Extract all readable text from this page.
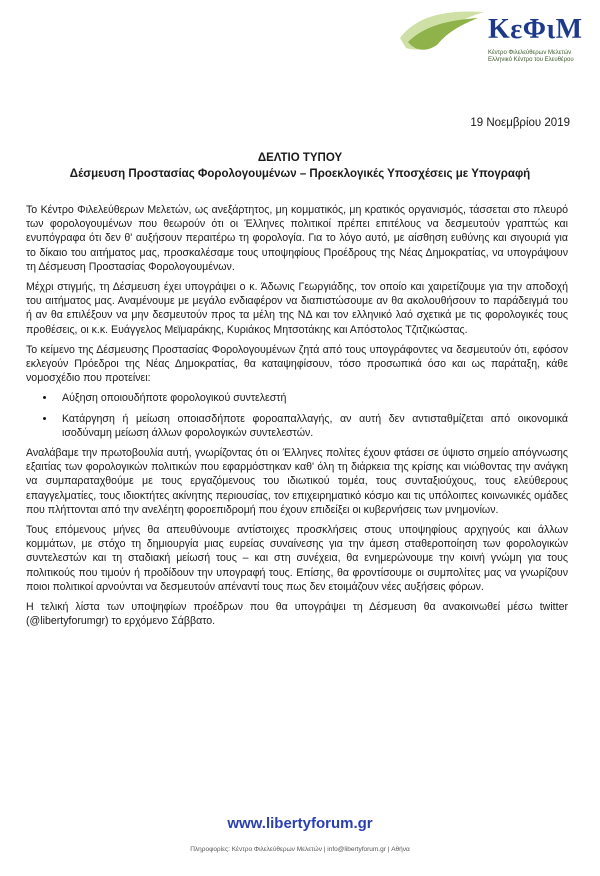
ΚεΦιΜ
Κέντρο Φιλελεύθερων Μελετών
Ελληνικό Κέντρο του Ελευθέρου
19 Νοεμβρίου 2019
ΔΕΛΤΙΟ ΤΥΠΟΥ
Δέσμευση Προστασίας Φορολογουμένων – Προεκλογικές Υποσχέσεις με Υπογραφή

Το Κέντρο Φιλελεύθερων Μελετών, ως ανεξάρτητος, μη κομματικός, μη κρατικός οργανισμός, τάσσεται στο πλευρό των φορολογουμένων που θεωρούν ότι οι Έλληνες πολιτικοί πρέπει επιτέλους να δεσμευτούν γραπτώς και ενυπόγραφα ότι δεν θ' αυξήσουν περαιτέρω τη φορολογία. Για το λόγο αυτό, με αίσθηση ευθύνης και σιγουριά για το δίκαιο του αιτήματος μας, προσκαλέσαμε τους υποψηφίους Προέδρους της Νέας Δημοκρατίας, να υπογράψουν τη Δέσμευση Προστασίας Φορολογουμένων.

Μέχρι στιγμής, τη Δέσμευση έχει υπογράψει ο κ. Άδωνις Γεωργιάδης, τον οποίο και χαιρετίζουμε για την αποδοχή του αιτήματος μας. Αναμένουμε με μεγάλο ενδιαφέρον να διαπιστώσουμε αν θα ακολουθήσουν το παράδειγμά του ή αν θα επιλέξουν να μην δεσμευτούν προς τα μέλη της ΝΔ και τον ελληνικό λαό σχετικά με τις φορολογικές τους προθέσεις, οι κ.κ. Ευάγγελος Μεϊμαράκης, Κυριάκος Μητσοτάκης και Απόστολος Τζιτζικώστας.

Το κείμενο της Δέσμευσης Προστασίας Φορολογουμένων ζητά από τους υπογράφοντες να δεσμευτούν ότι, εφόσον εκλεγούν Πρόεδροι της Νέας Δημοκρατίας, θα καταψηφίσουν, τόσο προσωπικά όσο και ως παράταξη, κάθε νομοσχέδιο που προτείνει:

• Αύξηση οποιουδήποτε φορολογικού συντελεστή
• Κατάργηση ή μείωση οποιασδήποτε φοροαπαλλαγής, αν αυτή δεν αντισταθμίζεται από οικονομικά ισοδύναμη μείωση άλλων φορολογικών συντελεστών.

Αναλάβαμε την πρωτοβουλία αυτή, γνωρίζοντας ότι οι Έλληνες πολίτες έχουν φτάσει σε ύψιστο σημείο απόγνωσης εξαιτίας των φορολογικών πολιτικών που εφαρμόστηκαν καθ' όλη τη διάρκεια της κρίσης και νιώθοντας την ανάγκη να συμπαραταχθούμε με τους εργαζόμενους του ιδιωτικού τομέα, τους συνταξιούχους, τους ελεύθερους επαγγελματίες, τους ιδιοκτήτες ακίνητης περιουσίας, τον επιχειρηματικό κόσμο και τις υπόλοιπες κοινωνικές ομάδες που πλήττονται από την ανελέητη φοροεπιδρομή που έχουν επιδείξει οι κυβερνήσεις των μνημονίων.

Τους επόμενους μήνες θα απευθύνουμε αντίστοιχες προσκλήσεις στους υποψηφίους αρχηγούς και άλλων κομμάτων, με στόχο τη δημιουργία μιας ευρείας συναίνεσης για την άμεση σταθεροποίηση των φορολογικών συντελεστών και τη σταδιακή μείωσή τους – και στη συνέχεια, θα ενημερώνουμε την κοινή γνώμη για τους πολιτικούς που τιμούν ή προδίδουν την υπογραφή τους. Επίσης, θα φροντίσουμε οι συμπολίτες μας να γνωρίζουν ποιοι πολιτικοί αρνούνται να δεσμευτούν απέναντί τους πως δεν ετοιμάζουν νέες αυξήσεις φόρων.

Η τελική λίστα των υποψηφίων προέδρων που θα υπογράψει τη Δέσμευση θα ανακοινωθεί μέσω twitter (@libertyforumgr) το ερχόμενο Σάββατο.

www.libertyforum.gr
Πληροφορίες: Κέντρο Φιλελεύθερων Μελετών | info@libertyforum.gr | Αθήνα
